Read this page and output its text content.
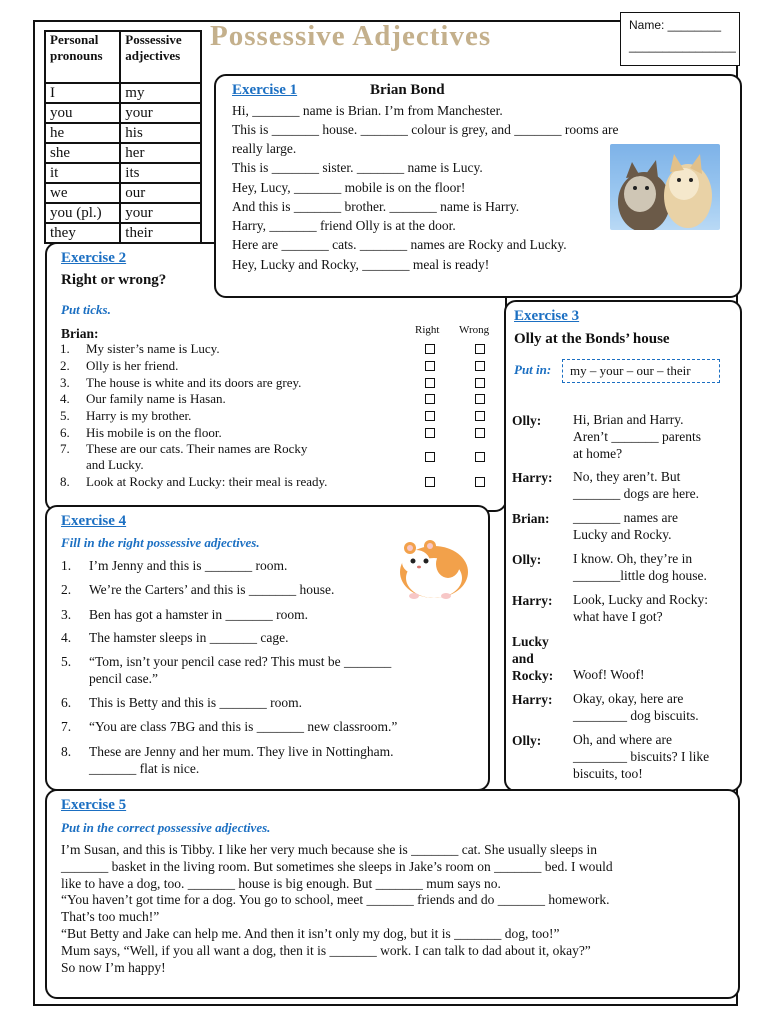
Possessive Adjectives	Name: ________
________________
Personal pronouns	Possessive adjectives
I	my
you	your
he	his
she	her
it	its
we	our
you (pl.)	your
they	their
Exercise 2
Right or wrong?
Put ticks.
Right Wrong
Brian:
1. My sister’s name is Lucy.
2. Olly is her friend.
3. The house is white and its doors are grey.
4. Our family name is Hasan.
5. Harry is my brother.
6. His mobile is on the floor.
7. These are our cats. Their names are Rocky
and Lucky.
8. Look at Rocky and Lucky: their meal is ready.
Exercise 1	Brian Bond
Hi, _______ name is Brian. I’m from Manchester.
This is _______ house. _______ colour is grey, and _______ rooms are
really large.
This is _______ sister. _______ name is Lucy.
Hey, Lucy, _______ mobile is on the floor!
And this is _______ brother. _______ name is Harry.
Harry, _______ friend Olly is at the door.
Here are _______ cats. _______ names are Rocky and Lucky.
Hey, Lucky and Rocky, _______ meal is ready!
Exercise 3
Olly at the Bonds’ house
Put in:	my – your – our – their
Olly:	Hi, Brian and Harry.
Aren’t _______ parents
at home?
Harry:	No, they aren’t. But
_______ dogs are here.
Brian:	_______ names are
Lucky and Rocky.
Olly:	I know. Oh, they’re in
_______little dog house.
Harry:	Look, Lucky and Rocky:
what have I got?
Lucky and Rocky:	Woof! Woof!
Harry:	Okay, okay, here are
________ dog biscuits.
Olly:	Oh, and where are
________ biscuits? I like
biscuits, too!
Exercise 4
Fill in the right possessive adjectives.
1. I’m Jenny and this is _______ room.
2. We’re the Carters’ and this is _______ house.
3. Ben has got a hamster in _______ room.
4. The hamster sleeps in _______ cage.
5. “Tom, isn’t your pencil case red? This must be _______
pencil case.”
6. This is Betty and this is _______ room.
7. “You are class 7BG and this is _______ new classroom.”
8. These are Jenny and her mum. They live in Nottingham.
_______ flat is nice.
Exercise 5
Put in the correct possessive adjectives.
I’m Susan, and this is Tibby. I like her very much because she is _______ cat. She usually sleeps in
_______ basket in the living room. But sometimes she sleeps in Jake’s room on _______ bed. I would
like to have a dog, too. _______ house is big enough. But _______ mum says no.
“You haven’t got time for a dog. You go to school, meet _______ friends and do _______ homework.
That’s too much!”
“But Betty and Jake can help me. And then it isn’t only my dog, but it is _______ dog, too!”
Mum says, “Well, if you all want a dog, then it is _______ work. I can talk to dad about it, okay?”
So now I’m happy!
